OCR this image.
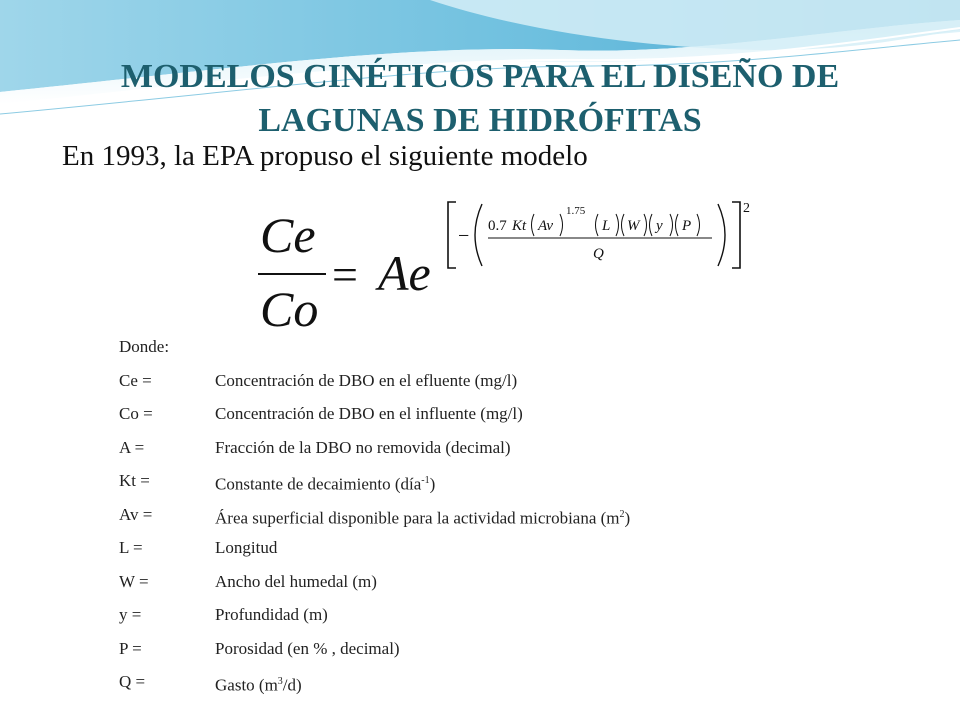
MODELOS CINÉTICOS PARA EL DISEÑO DE
LAGUNAS DE HIDRÓFITAS
En 1993, la EPA propuso el siguiente modelo
Ce
Co
= Ae
2
− 0.7 Kt Av
1.75
L W y P
Q
Donde:
Ce =	Concentración de DBO en el efluente (mg/l)
Co =	Concentración de DBO en el influente (mg/l)
A =	Fracción de la DBO no removida (decimal)
Kt =	Constante de decaimiento (día$^{-1}$)
Av =	Área superficial disponible para la actividad microbiana $(m^2)$
L =	Longitud
W =	Ancho del humedal (m)
y =	Profundidad (m)
P =	Porosidad (en % , decimal)
Q =	Gasto $(m^3/d)$
